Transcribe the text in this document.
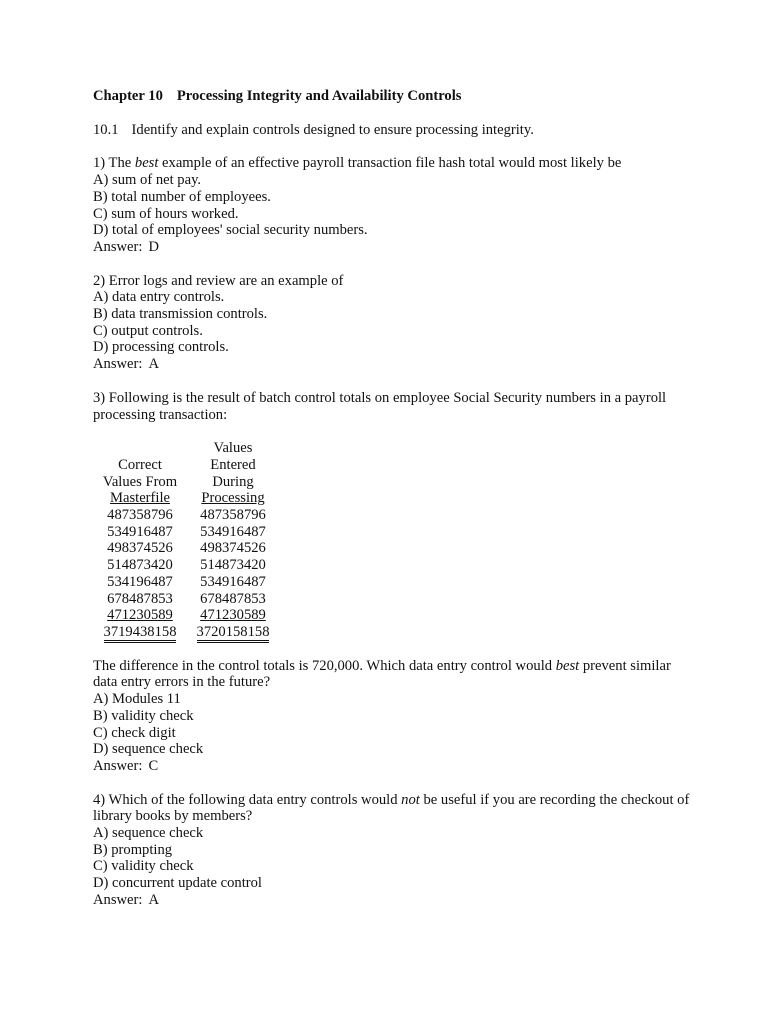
Chapter 10 Processing Integrity and Availability Controls

10.1 Identify and explain controls designed to ensure processing integrity.
1) The best example of an effective payroll transaction file hash total would most likely be
A) sum of net pay.
B) total number of employees.
C) sum of hours worked.
D) total of employees' social security numbers.
Answer: D
2) Error logs and review are an example of
A) data entry controls.
B) data transmission controls.
C) output controls.
D) processing controls.
Answer: A
3) Following is the result of batch control totals on employee Social Security numbers in a payroll processing transaction:
	Values
Correct	Entered
Values From	During
Masterfile	Processing
487358796	487358796
534916487	534916487
498374526	498374526
514873420	514873420
534196487	534916487
678487853	678487853
471230589	471230589
3719438158	3720158158
The difference in the control totals is 720,000. Which data entry control would best prevent similar data entry errors in the future?
A) Modules 11
B) validity check
C) check digit
D) sequence check
Answer: C
4) Which of the following data entry controls would not be useful if you are recording the checkout of library books by members?
A) sequence check
B) prompting
C) validity check
D) concurrent update control
Answer: A
